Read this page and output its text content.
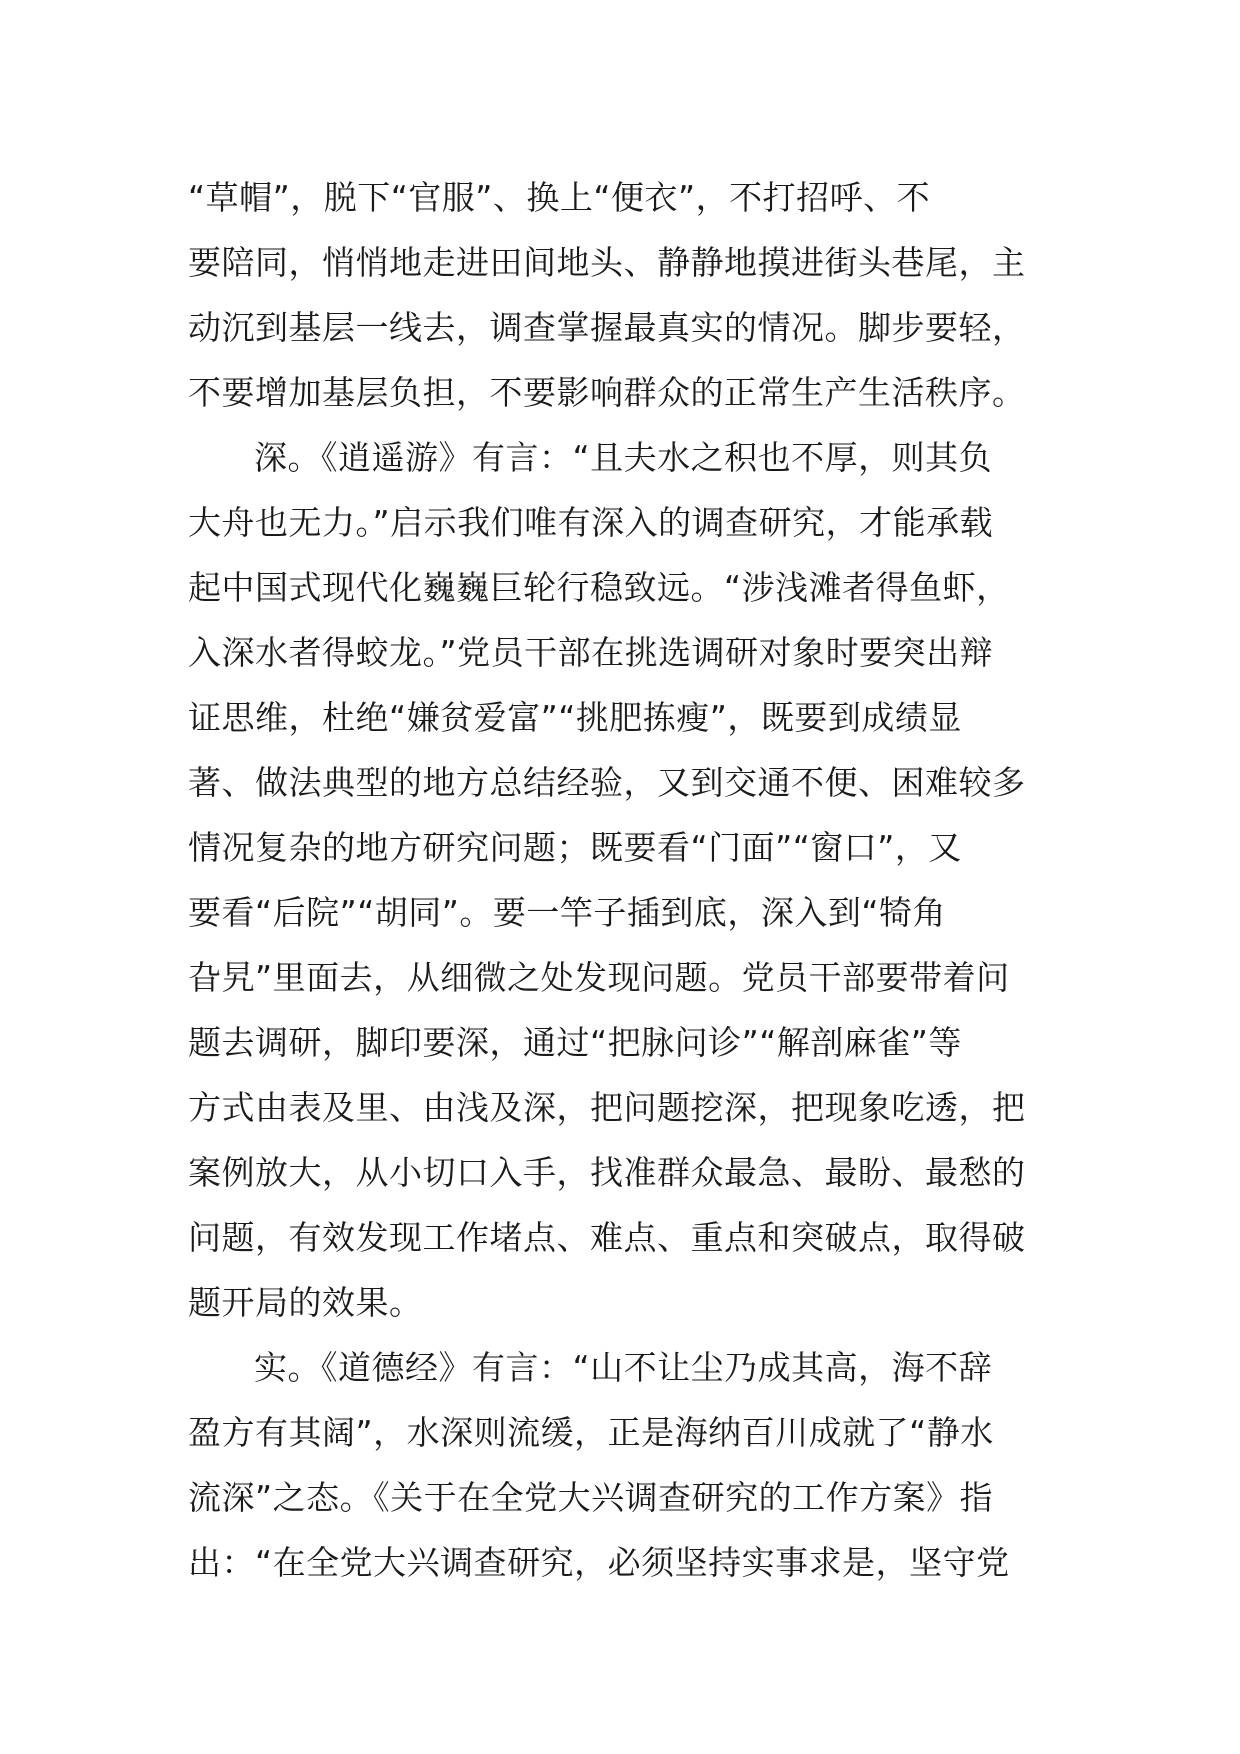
“草帽”，脱下“官服”、换上“便衣”，不打招呼、不
要陪同，悄悄地走进田间地头、静静地摸进街头巷尾，主
动沉到基层一线去，调查掌握最真实的情况。脚步要轻，
不要增加基层负担，不要影响群众的正常生产生活秩序。
深。《逍遥游》有言：“且夫水之积也不厚，则其负
大舟也无力。”启示我们唯有深入的调查研究，才能承载
起中国式现代化巍巍巨轮行稳致远。“涉浅滩者得鱼虾，
入深水者得蛟龙。”党员干部在挑选调研对象时要突出辩
证思维，杜绝“嫌贫爱富”“挑肥拣瘦”，既要到成绩显
著、做法典型的地方总结经验，又到交通不便、困难较多
情况复杂的地方研究问题；既要看“门面”“窗口”，又
要看“后院”“胡同”。要一竿子插到底，深入到“犄角
旮旯”里面去，从细微之处发现问题。党员干部要带着问
题去调研，脚印要深，通过“把脉问诊”“解剖麻雀”等
方式由表及里、由浅及深，把问题挖深，把现象吃透，把
案例放大，从小切口入手，找准群众最急、最盼、最愁的
问题，有效发现工作堵点、难点、重点和突破点，取得破
题开局的效果。
实。《道德经》有言：“山不让尘乃成其高，海不辞
盈方有其阔”，水深则流缓，正是海纳百川成就了“静水
流深”之态。《关于在全党大兴调查研究的工作方案》指
出：“在全党大兴调查研究，必须坚持实事求是，坚守党
